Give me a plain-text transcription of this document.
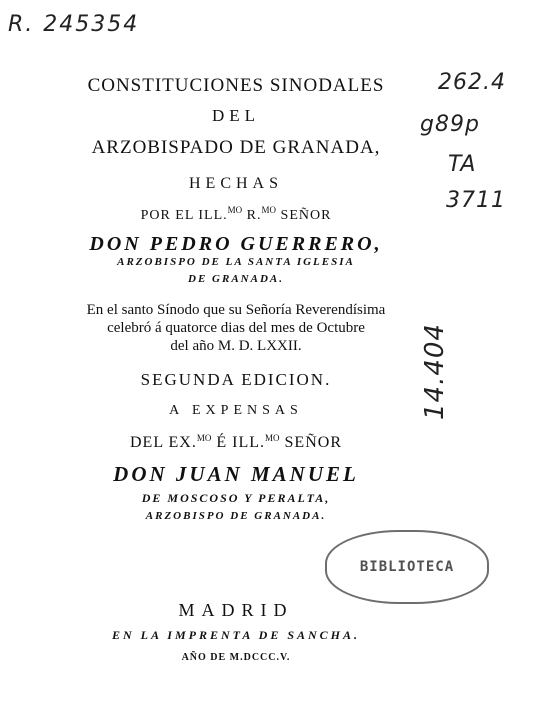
R. 245354
262.4
g89p
TA
3711
14.404
CONSTITUCIONES SINODALES
DEL
ARZOBISPADO DE GRANADA,
HECHAS
POR EL ILL.$^{MO}$ R.$^{MO}$ SEÑOR
DON PEDRO GUERRERO,
ARZOBISPO DE LA SANTA IGLESIA
DE GRANADA.
En el santo Sínodo que su Señoría Reverendísima
celebró á quatorce dias del mes de Octubre
del año M. D. LXXII.
SEGUNDA EDICION.
A EXPENSAS
DEL EX.$^{MO}$ É ILL.$^{MO}$ SEÑOR
DON JUAN MANUEL
DE MOSCOSO Y PERALTA,
ARZOBISPO DE GRANADA.
BIBLIOTECA
MADRID
EN LA IMPRENTA DE SANCHA.
AÑO DE M.DCCC.V.
